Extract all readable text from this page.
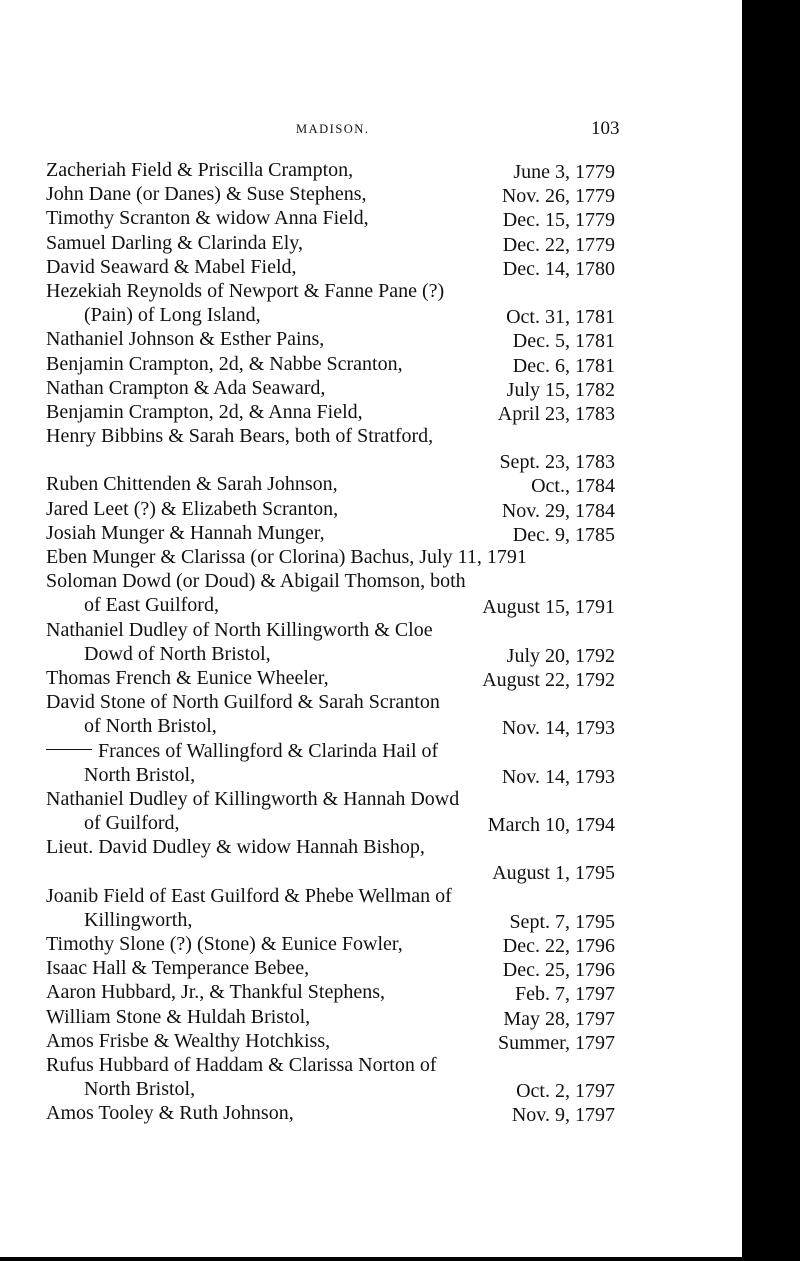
MADISON.	103
Zacheriah Field & Priscilla Crampton,	June 3, 1779
John Dane (or Danes) & Suse Stephens,	Nov. 26, 1779
Timothy Scranton & widow Anna Field,	Dec. 15, 1779
Samuel Darling & Clarinda Ely,	Dec. 22, 1779
David Seaward & Mabel Field,	Dec. 14, 1780
Hezekiah Reynolds of Newport & Fanne Pane (?)
(Pain) of Long Island,	Oct. 31, 1781
Nathaniel Johnson & Esther Pains,	Dec. 5, 1781
Benjamin Crampton, 2d, & Nabbe Scranton,	Dec. 6, 1781
Nathan Crampton & Ada Seaward,	July 15, 1782
Benjamin Crampton, 2d, & Anna Field,	April 23, 1783
Henry Bibbins & Sarah Bears, both of Stratford,
Sept. 23, 1783
Ruben Chittenden & Sarah Johnson,	Oct., 1784
Jared Leet (?) & Elizabeth Scranton,	Nov. 29, 1784
Josiah Munger & Hannah Munger,	Dec. 9, 1785
Eben Munger & Clarissa (or Clorina) Bachus, July 11, 1791
Soloman Dowd (or Doud) & Abigail Thomson, both
of East Guilford,	August 15, 1791
Nathaniel Dudley of North Killingworth & Cloe
Dowd of North Bristol,	July 20, 1792
Thomas French & Eunice Wheeler,	August 22, 1792
David Stone of North Guilford & Sarah Scranton
of North Bristol,	Nov. 14, 1793
Frances of Wallingford & Clarinda Hail of
North Bristol,	Nov. 14, 1793
Nathaniel Dudley of Killingworth & Hannah Dowd
of Guilford,	March 10, 1794
Lieut. David Dudley & widow Hannah Bishop,
August 1, 1795
Joanib Field of East Guilford & Phebe Wellman of
Killingworth,	Sept. 7, 1795
Timothy Slone (?) (Stone) & Eunice Fowler,	Dec. 22, 1796
Isaac Hall & Temperance Bebee,	Dec. 25, 1796
Aaron Hubbard, Jr., & Thankful Stephens,	Feb. 7, 1797
William Stone & Huldah Bristol,	May 28, 1797
Amos Frisbe & Wealthy Hotchkiss,	Summer, 1797
Rufus Hubbard of Haddam & Clarissa Norton of
North Bristol,	Oct. 2, 1797
Amos Tooley & Ruth Johnson,	Nov. 9, 1797
